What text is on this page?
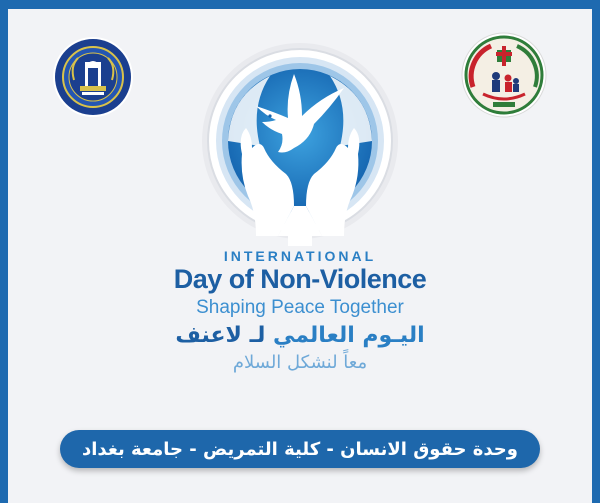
INTERNATIONAL
Day of Non-Violence
Shaping Peace Together
اليـوم العالمي لـ لاعنف
معاً لنشكل السلام
وحدة حقوق الانسان - كلية التمريض - جامعة بغداد
